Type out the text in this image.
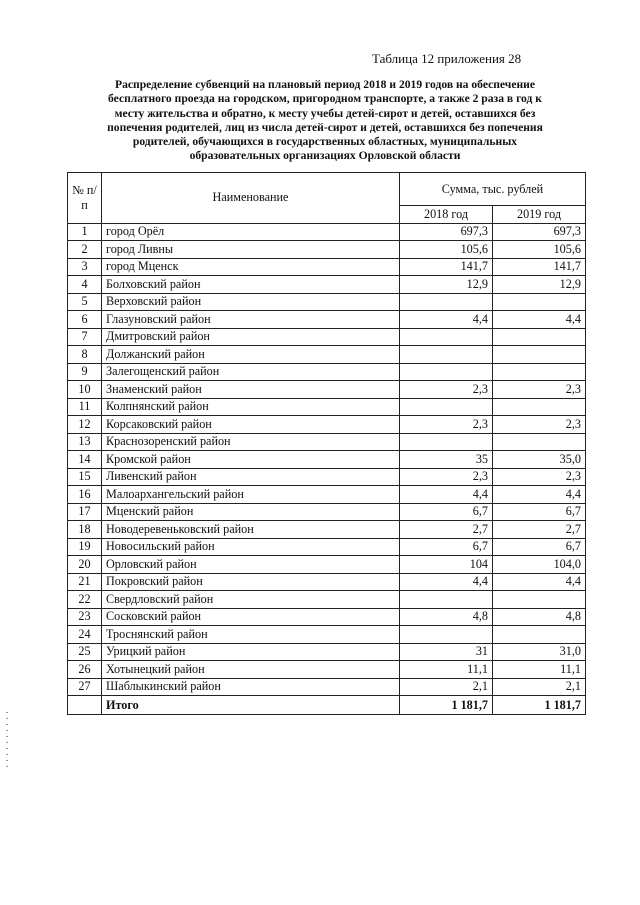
Таблица 12 приложения 28
Распределение субвенций на плановый период 2018 и 2019 годов на обеспечение
бесплатного проезда на городском, пригородном транспорте, а также 2 раза в год к
месту жительства и обратно, к месту учебы детей-сирот и детей, оставшихся без
попечения родителей, лиц из числа детей-сирот и детей, оставшихся без попечения
родителей, обучающихся в государственных областных, муниципальных
образовательных организациях Орловской области
№ п/п	Наименование	Сумма, тыс. рублей	
		2018 год	2019 год
1	город Орёл	697,3	697,3
2	город Ливны	105,6	105,6
3	город Мценск	141,7	141,7
4	Болховский район	12,9	12,9
5	Верховский район		
6	Глазуновский район	4,4	4,4
7	Дмитровский район		
8	Должанский район		
9	Залегощенский район		
10	Знаменский район	2,3	2,3
11	Колпнянский район		
12	Корсаковский район	2,3	2,3
13	Краснозоренский район		
14	Кромской район	35	35,0
15	Ливенский район	2,3	2,3
16	Малоархангельский район	4,4	4,4
17	Мценский район	6,7	6,7
18	Новодеревеньковский район	2,7	2,7
19	Новосильский район	6,7	6,7
20	Орловский район	104	104,0
21	Покровский район	4,4	4,4
22	Свердловский район		
23	Сосковский район	4,8	4,8
24	Троснянский район		
25	Урицкий район	31	31,0
26	Хотынецкий район	11,1	11,1
27	Шаблыкинский район	2,1	2,1
	Итого	1 181,7	1 181,7
